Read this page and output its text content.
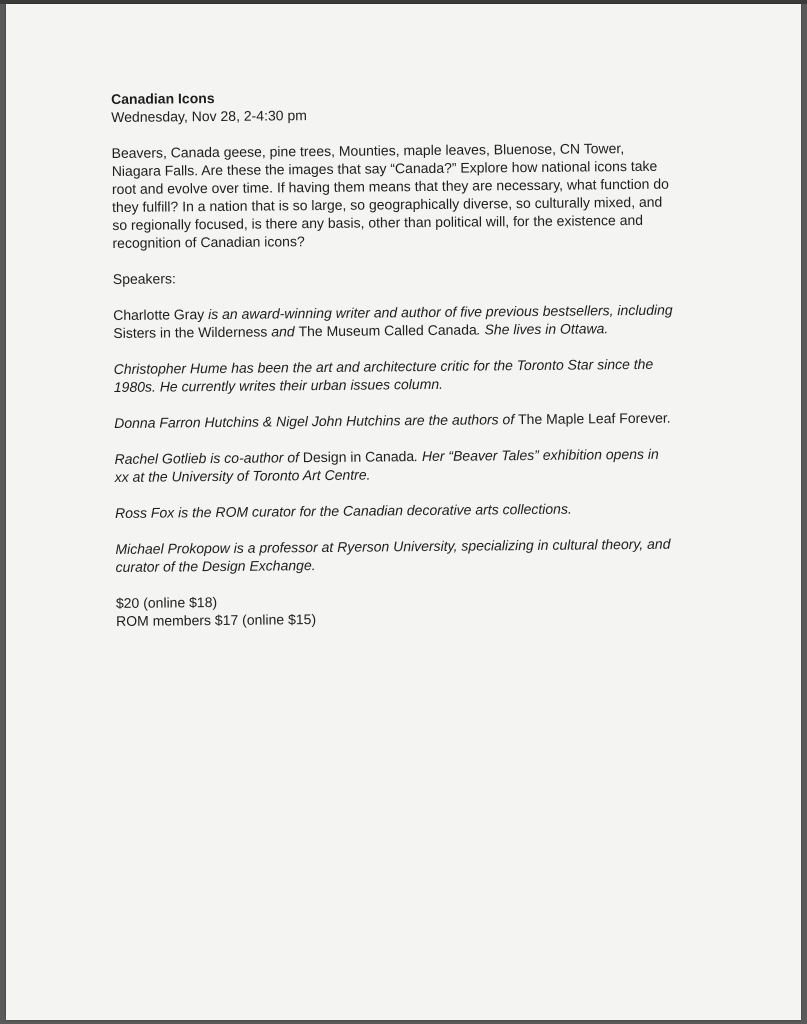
Canadian Icons

Wednesday, Nov 28, 2-4:30 pm

Beavers, Canada geese, pine trees, Mounties, maple leaves, Bluenose, CN Tower, Niagara Falls. Are these the images that say “Canada?” Explore how national icons take root and evolve over time. If having them means that they are necessary, what function do they fulfill? In a nation that is so large, so geographically diverse, so culturally mixed, and so regionally focused, is there any basis, other than political will, for the existence and recognition of Canadian icons?

Speakers:

Charlotte Gray is an award-winning writer and author of five previous bestsellers, including Sisters in the Wilderness and The Museum Called Canada. She lives in Ottawa.

Christopher Hume has been the art and architecture critic for the Toronto Star since the 1980s. He currently writes their urban issues column.

Donna Farron Hutchins & Nigel John Hutchins are the authors of The Maple Leaf Forever.

Rachel Gotlieb is co-author of Design in Canada. Her “Beaver Tales” exhibition opens in xx at the University of Toronto Art Centre.

Ross Fox is the ROM curator for the Canadian decorative arts collections.

Michael Prokopow is a professor at Ryerson University, specializing in cultural theory, and curator of the Design Exchange.

$20 (online $18)

ROM members $17 (online $15)
